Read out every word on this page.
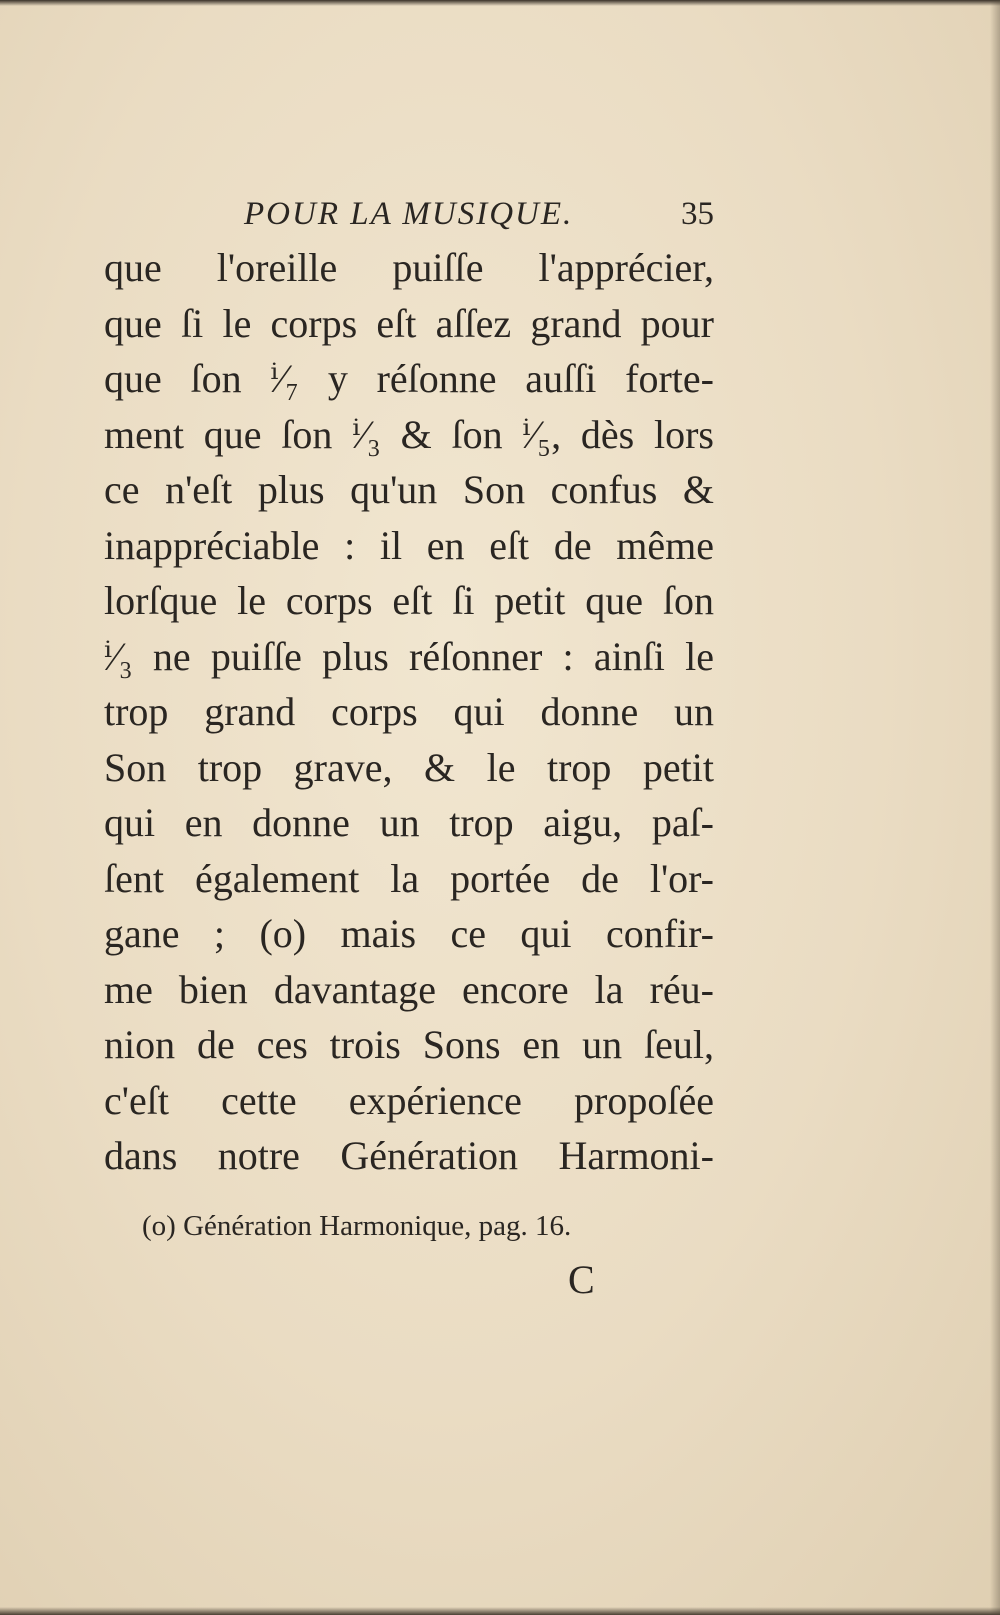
POUR LA MUSIQUE.	35
que l'oreille puiſſe l'apprécier,
que ſi le corps eſt aſſez grand pour
que ſon ⁱ⁄₇ y réſonne auſſi forte-
ment que ſon ⁱ⁄₃ & ſon ⁱ⁄₅, dès lors
ce n'eſt plus qu'un Son confus &
inappréciable : il en eſt de même
lorſque le corps eſt ſi petit que ſon
ⁱ⁄₃ ne puiſſe plus réſonner : ainſi le
trop grand corps qui donne un
Son trop grave, & le trop petit
qui en donne un trop aigu, paſ-
ſent également la portée de l'or-
gane ; (o) mais ce qui confir-
me bien davantage encore la réu-
nion de ces trois Sons en un ſeul,
c'eſt cette expérience propoſée
dans notre Génération Harmoni-
(o) Génération Harmonique, pag. 16.
C
